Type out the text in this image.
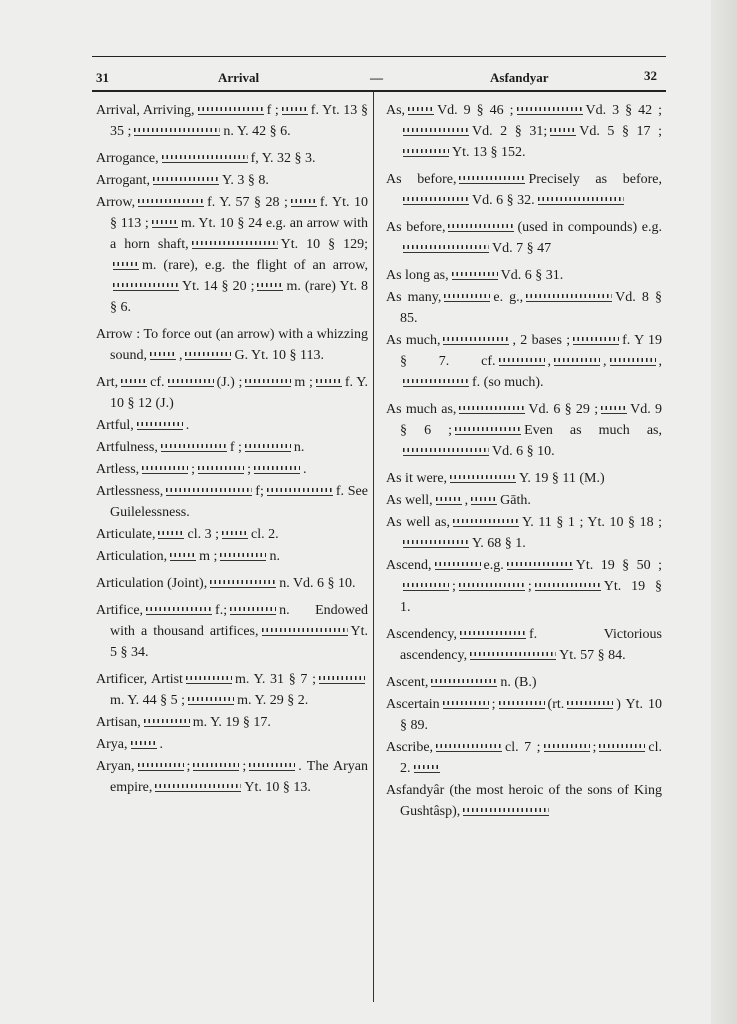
31	Arrival	—	Asfandyar	32
Arrival, Arriving,	f ; f. Yt. 13 § 35 ;	n. Y. 42 § 6.
Arrogance,	f, Y. 32 § 3.
Arrogant,	Y. 3 § 8.
Arrow,	f. Y. 57 § 28 ; f. Yt. 10 § 113 ; m. Yt. 10 § 24 e.g. an arrow with a horn shaft,	Yt. 10 § 129;m. (rare), e.g. the flight of an arrow,Yt. 14 § 20 ; m. (rare) Yt. 8 § 6.
Arrow : To force out (an arrow) with a whizzing sound, ,	G. Yt. 10 § 113.
Art, cf.	(J.) ;	m ; f. Y. 10 § 12 (J.)
Artful,	.
Artfulness,	f ;	n.
Artless,	;	;	.
Artlessness,	f;	f. See Guilelessness.
Articulate, cl. 3 ; cl. 2.
Articulation, m ;	n.
Articulation (Joint),	n. Vd. 6 § 10.
Artifice,	f.;	n. Endowed with a thousand artifices,	Yt. 5 § 34.
Artificer, Artist	m. Y. 31 § 7 ;m. Y. 44 § 5 ;	m. Y. 29 § 2.
Artisan,	m. Y. 19 § 17.
Arya, .
Aryan,	;	;	. The Aryan empire,	Yt. 10 § 13.
As, Vd. 9 § 46 ;	Vd. 3 § 42 ;Vd. 2 § 31; Vd. 5 § 17 ;Yt. 13 § 152.
As before,	Precisely as before,Vd. 6 § 32.
As before,	(used in compounds) e.g.Vd. 7 § 47
As long as,	Vd. 6 § 31.
As many,	e. g.,	Vd. 8 § 85.
As much,	, 2 bases ;	f. Y 19 § 7. cf.	,	,	,f. (so much).
As much as,	Vd. 6 § 29 ; Vd. 9 § 6 ;	Even as much as,Vd. 6 § 10.
As it were,	Y. 19 § 11 (M.)
As well, , Gāth.
As well as,	Y. 11 § 1 ; Yt. 10 § 18 ;Y. 68 § 1.
Ascend,	e.g.	Yt. 19 § 50 ;;	;	Yt. 19 § 1.
Ascendency,	f. Victorious ascendency,	Yt. 57 § 84.
Ascent,	n. (B.)
Ascertain	;	(rt.	) Yt. 10 § 89.
Ascribe,	cl. 7 ;	;	cl. 2.
Asfandyâr (the most heroic of the sons of King Gushtâsp),
